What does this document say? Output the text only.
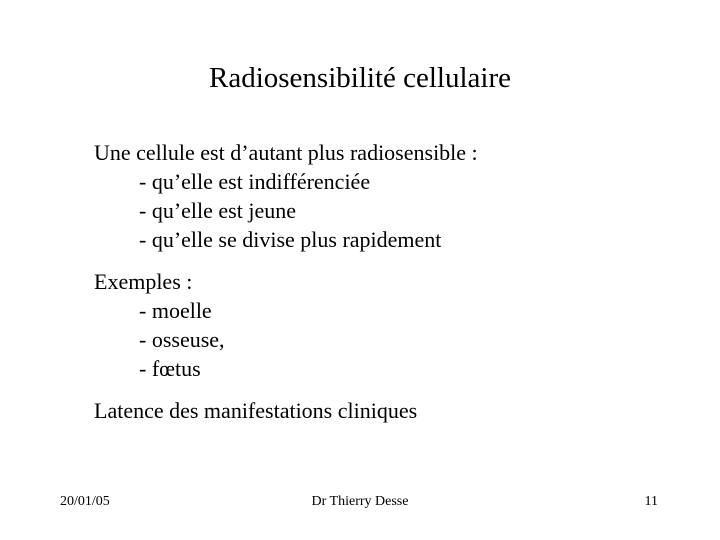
Radiosensibilité cellulaire
Une cellule est d’autant plus radiosensible :
- qu’elle est indifférenciée
- qu’elle est jeune
- qu’elle se divise plus rapidement
Exemples :
- moelle
- osseuse,
- fœtus
Latence des manifestations cliniques
20/01/05	Dr Thierry Desse	11
